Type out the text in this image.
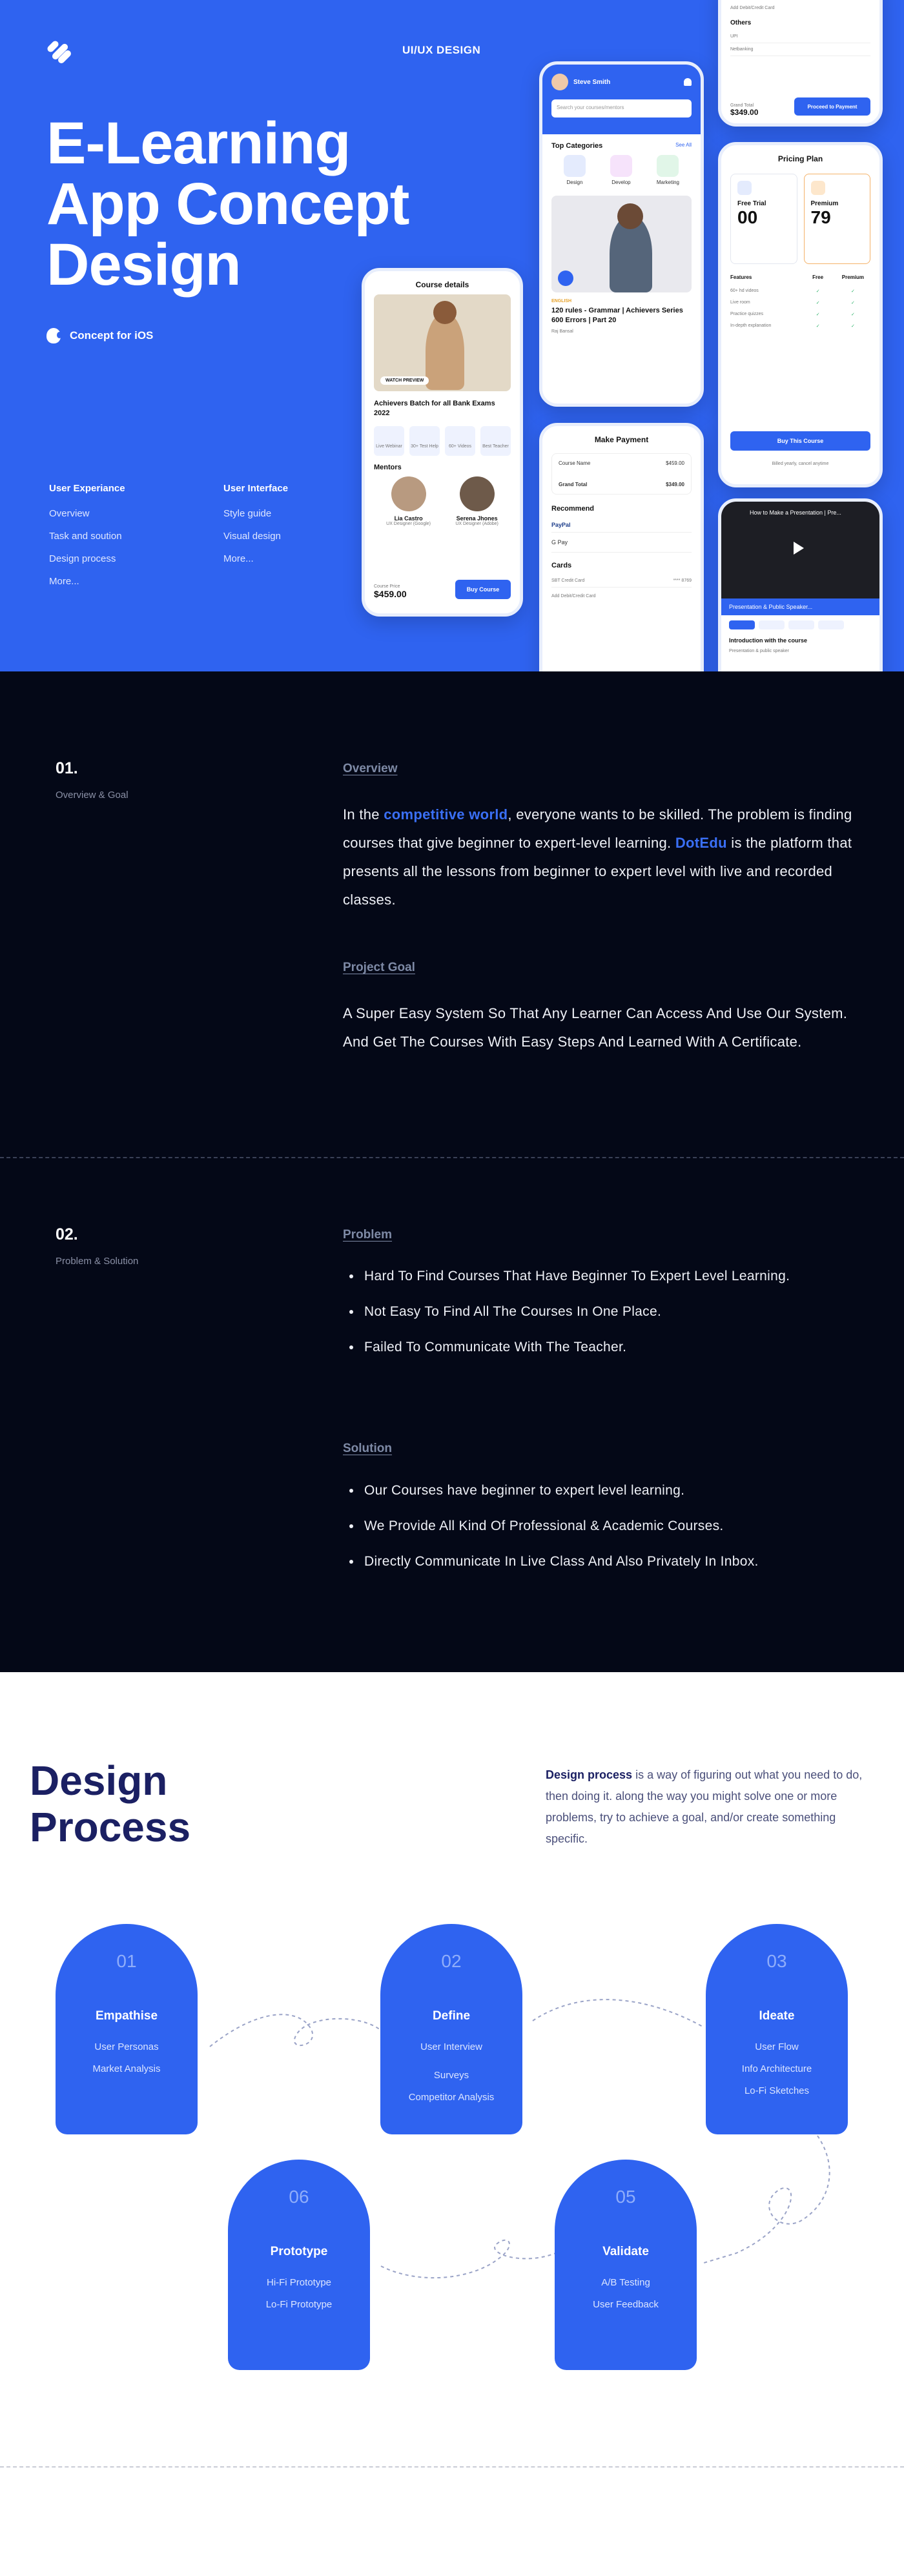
UI/UX DESIGN
E-Learning
App Concept
Design
Concept for iOS
User Experiance
Overview
Task and soution
Design process
More...
User Interface
Style guide
Visual design
More...
Course details
WATCH PREVIEW
Achievers Batch for all Bank Exams 2022
Live Webinar	30+ Test Help	60+ Videos	Best Teacher
Mentors
Lia Castro
UX Designer (Google)
Serena Jhones
UX Designer (Adobe)
Course Price
$459.00	Buy Course
Steve Smith
Search your courses/mentors
Top Categories	See All
Design	Develop	Marketing
ENGLISH
120 rules - Grammar | Achievers Series 600 Errors | Part 20
Raj Bansal
Make Payment
Course Name	$459.00
Grand Total	$349.00
Recommend
PayPal
G Pay
Cards
SBT Credit Card	**** 8769
Add Debit/Credit Card
Add Debit/Credit Card
Others
UPI
Netbanking
Grand Total
$349.00
Proceed to Payment
Pricing Plan
Free Trial
00
Premium
79
Features	Free	Premium
60+ hd videos	✓	✓
Live room	✓	✓
Practice quizzes	✓	✓
In-depth explanation	✓	✓
Buy This Course
Billed yearly, cancel anytime
How to Make a Presentation | Pre...
Presentation & Public Speaker...
Introduction with the course
Presentation & public speaker
01.
Overview & Goal
Overview
In the competitive world, everyone wants to be skilled. The problem is finding courses that give beginner to expert-level learning. DotEdu is the platform that presents all the lessons from beginner to expert level with live and recorded classes.
Project Goal
A Super Easy System So That Any Learner Can Access And Use Our System. And Get The Courses With Easy Steps And Learned With A Certificate.
02.
Problem & Solution
Problem
Hard To Find Courses That Have Beginner To Expert Level Learning.
Not Easy To Find All The Courses In One Place.
Failed To Communicate With The Teacher.
Solution
Our Courses have beginner to expert level learning.
We Provide All Kind Of Professional & Academic Courses.
Directly Communicate In Live Class And Also Privately In Inbox.
Design
Process
Design process is a way of figuring out what you need to do, then doing it. along the way you might solve one or more problems, try to achieve a goal, and/or create something specific.
01
Empathise
User Personas
Market Analysis
02
Define
User Interview
Surveys
Competitor Analysis
03
Ideate
User Flow
Info Architecture
Lo-Fi Sketches
06
Prototype
Hi-Fi Prototype
Lo-Fi Prototype
05
Validate
A/B Testing
User Feedback
